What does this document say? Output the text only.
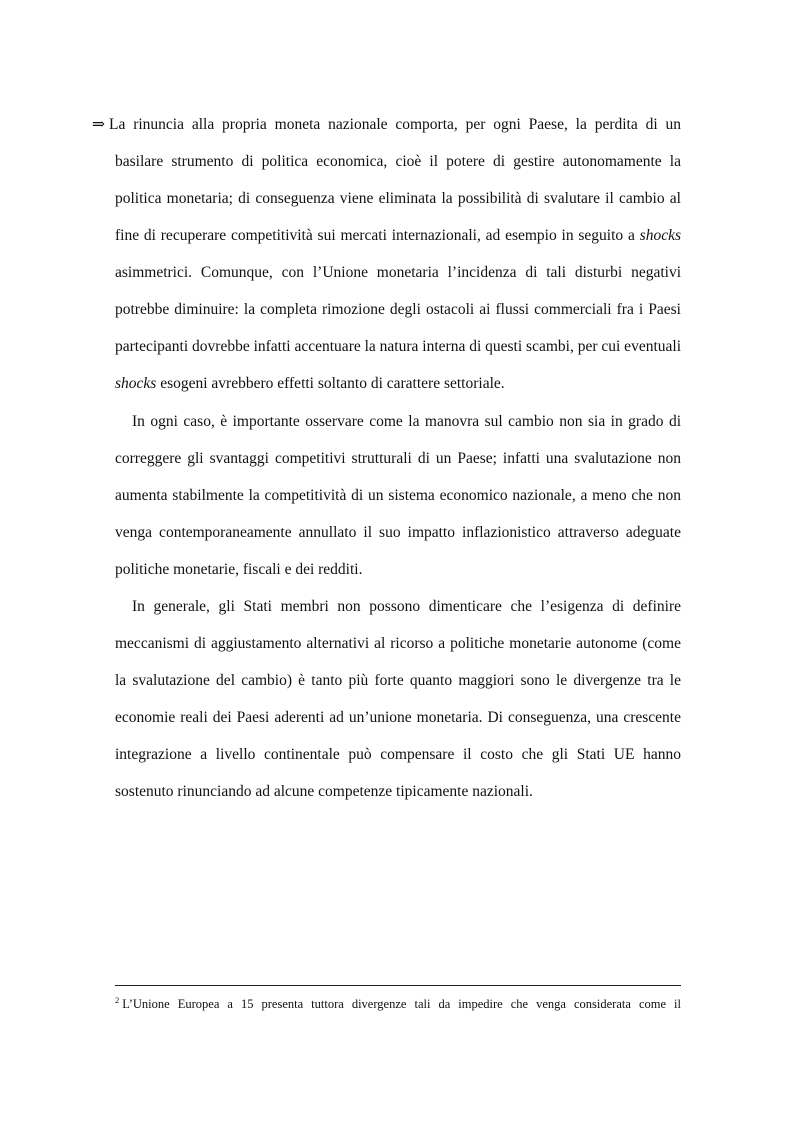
⇒ La rinuncia alla propria moneta nazionale comporta, per ogni Paese, la perdita di un basilare strumento di politica economica, cioè il potere di gestire autonomamente la politica monetaria; di conseguenza viene eliminata la possibilità di svalutare il cambio al fine di recuperare competitività sui mercati internazionali, ad esempio in seguito a shocks asimmetrici. Comunque, con l’Unione monetaria l’incidenza di tali disturbi negativi potrebbe diminuire: la completa rimozione degli ostacoli ai flussi commerciali fra i Paesi partecipanti dovrebbe infatti accentuare la natura interna di questi scambi, per cui eventuali shocks esogeni avrebbero effetti soltanto di carattere settoriale.

In ogni caso, è importante osservare come la manovra sul cambio non sia in grado di correggere gli svantaggi competitivi strutturali di un Paese; infatti una svalutazione non aumenta stabilmente la competitività di un sistema economico nazionale, a meno che non venga contemporaneamente annullato il suo impatto inflazionistico attraverso adeguate politiche monetarie, fiscali e dei redditi.

In generale, gli Stati membri non possono dimenticare che l’esigenza di definire meccanismi di aggiustamento alternativi al ricorso a politiche monetarie autonome (come la svalutazione del cambio) è tanto più forte quanto maggiori sono le divergenze tra le economie reali dei Paesi aderenti ad un’unione monetaria. Di conseguenza, una crescente integrazione a livello continentale può compensare il costo che gli Stati UE hanno sostenuto rinunciando ad alcune competenze tipicamente nazionali.

$^2$ L’Unione Europea a 15 presenta tuttora divergenze tali da impedire che venga considerata come il
